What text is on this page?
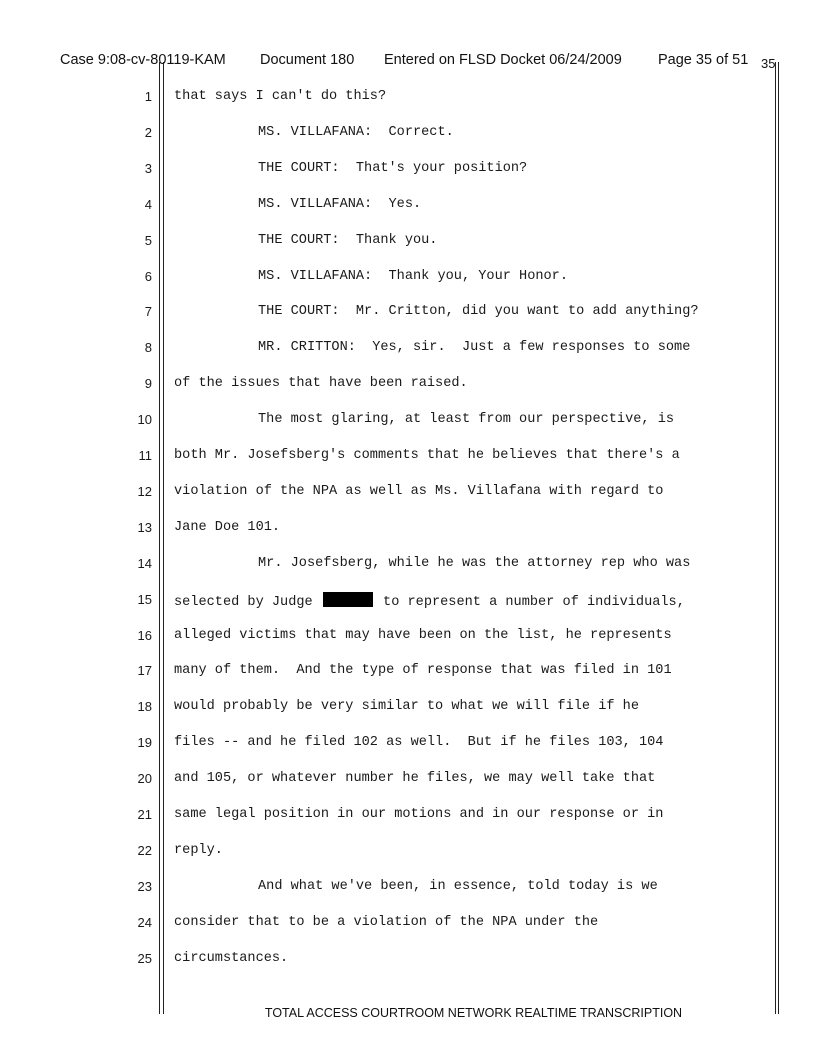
Case 9:08-cv-80119-KAM Document 180 Entered on FLSD Docket 06/24/2009 Page 35 of 51 35
1 that says I can't do this?
2	MS. VILLAFANA:  Correct.
3	THE COURT:  That's your position?
4	MS. VILLAFANA:  Yes.
5	THE COURT:  Thank you.
6	MS. VILLAFANA:  Thank you, Your Honor.
7	THE COURT:  Mr. Critton, did you want to add anything?
8	MR. CRITTON:  Yes, sir.  Just a few responses to some
9 of the issues that have been raised.
10	The most glaring, at least from our perspective, is
11 both Mr. Josefsberg's comments that he believes that there's a
12 violation of the NPA as well as Ms. Villafana with regard to
13 Jane Doe 101.
14	Mr. Josefsberg, while he was the attorney rep who was
15 selected by Judge	to represent a number of individuals,
16 alleged victims that may have been on the list, he represents
17 many of them.  And the type of response that was filed in 101
18 would probably be very similar to what we will file if he
19 files -- and he filed 102 as well.  But if he files 103, 104
20 and 105, or whatever number he files, we may well take that
21 same legal position in our motions and in our response or in
22 reply.
23	And what we've been, in essence, told today is we
24 consider that to be a violation of the NPA under the
25 circumstances.
TOTAL ACCESS COURTROOM NETWORK REALTIME TRANSCRIPTION
